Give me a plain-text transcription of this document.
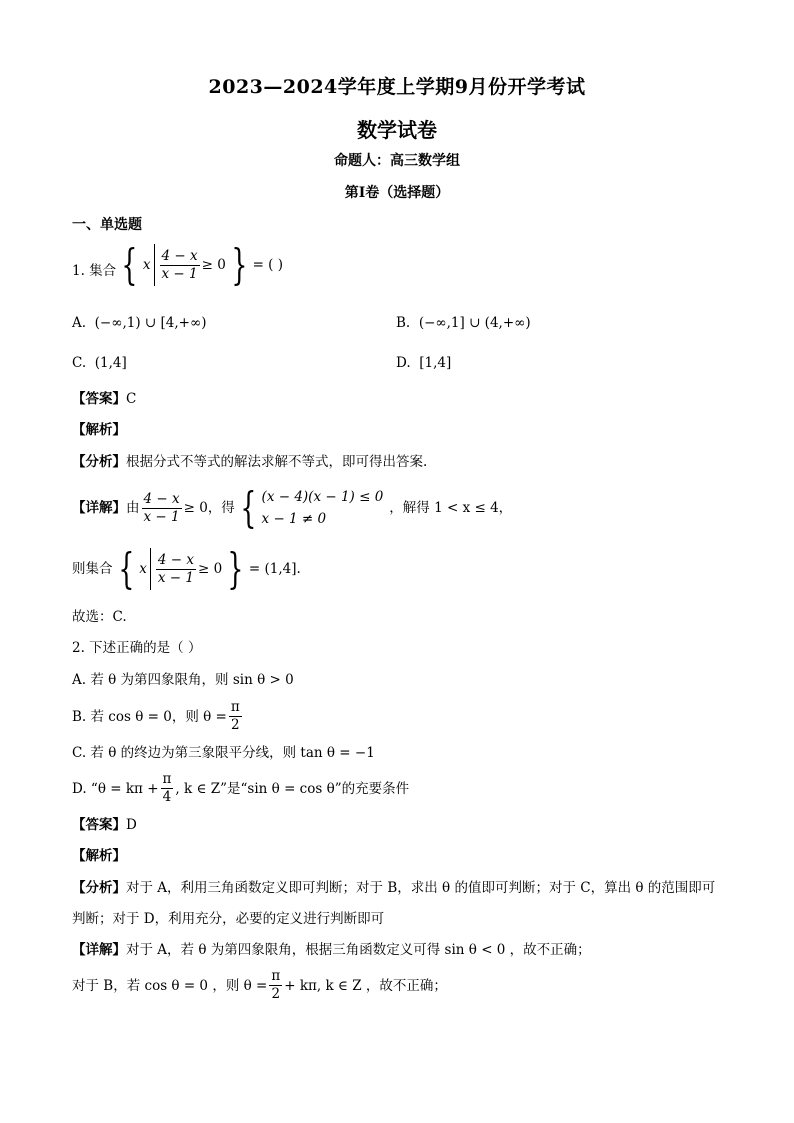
2023—2024学年度上学期9月份开学考试
数学试卷
命题人：高三数学组
第Ⅰ卷（选择题）
一、单选题
1. 集合 { x $\frac{4 - x}{x - 1} \ge 0$ } = ( )
A. (−∞,1) ∪ [4,+∞)	B. (−∞,1] ∪ (4,+∞)
C. (1,4]	D. [1,4]
【答案】C
【解析】
【分析】根据分式不等式的解法求解不等式，即可得出答案.
【详解】 由 $\frac{4 - x}{x - 1} \ge 0$ ，得 { (x − 4)(x − 1) ≤ 0
x − 1 ≠ 0
，解得 1 < x ≤ 4，
则集合 { x $\frac{4 - x}{x - 1} \ge 0$ } = (1,4].
故选：C.
2. 下述正确的是（ ）
A. 若 θ 为第四象限角，则 sin θ > 0
B. 若 cos θ = 0，则 $\theta = \frac{\pi}{2}$
C. 若 θ 的终边为第三象限平分线，则 tan θ = −1
D. “$\theta = k\pi + \frac{\pi}{4}$ , k ∈ Z”是“sin θ = cos θ”的充要条件
【答案】D
【解析】
【分析】对于 A，利用三角函数定义即可判断；对于 B，求出 θ 的值即可判断；对于 C，算出 θ 的范围即可
判断；对于 D，利用充分，必要的定义进行判断即可
【详解】对于 A，若 θ 为第四象限角，根据三角函数定义可得 sin θ < 0 ，故不正确；
对于 B，若 cos θ = 0 ，则 $\theta = \frac{\pi}{2} + k\pi$, k ∈ Z ，故不正确；
